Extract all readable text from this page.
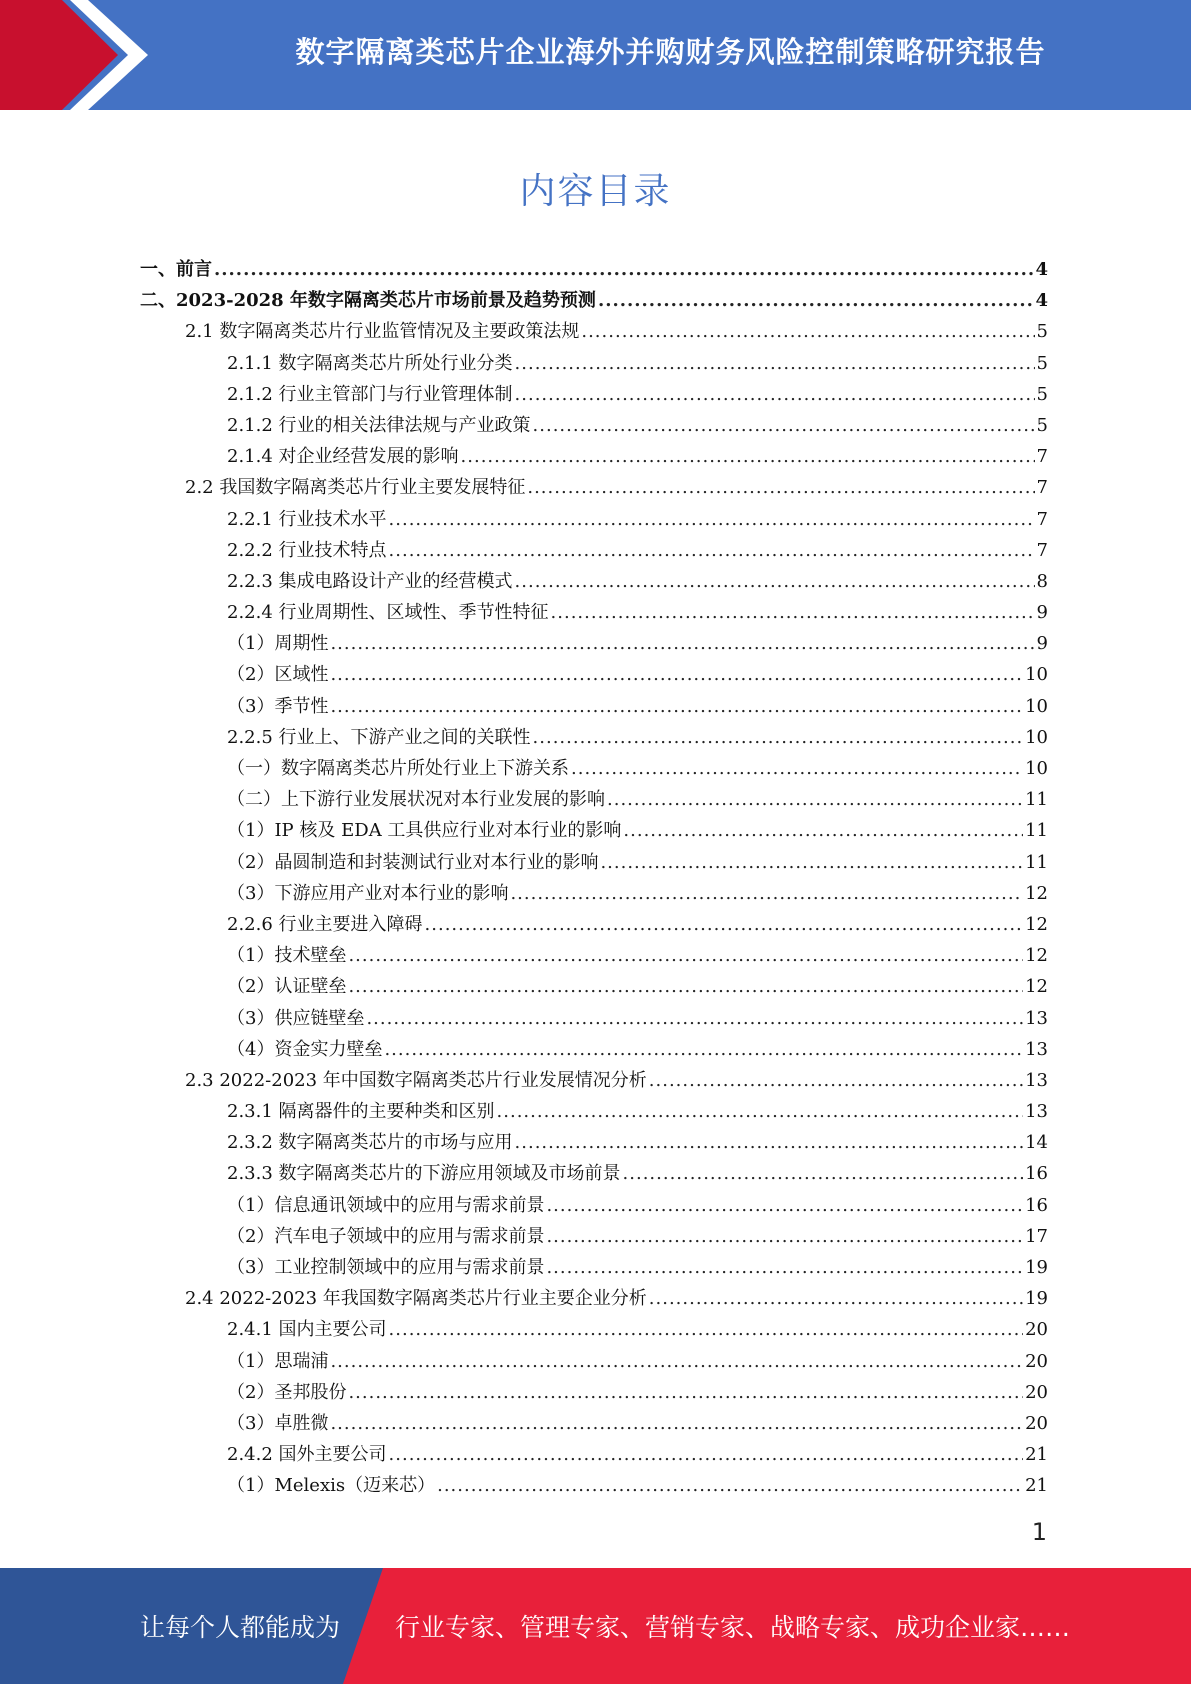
数字隔离类芯片企业海外并购财务风险控制策略研究报告
内容目录
一、前言 .....	4
二、2023-2028 年数字隔离类芯片市场前景及趋势预测 .....	4
2.1 数字隔离类芯片行业监管情况及主要政策法规 .....	5
2.1.1 数字隔离类芯片所处行业分类 .....	5
2.1.2 行业主管部门与行业管理体制 .....	5
2.1.2 行业的相关法律法规与产业政策 .....	5
2.1.4 对企业经营发展的影响 .....	7
2.2 我国数字隔离类芯片行业主要发展特征 .....	7
2.2.1 行业技术水平 .....	7
2.2.2 行业技术特点 .....	7
2.2.3 集成电路设计产业的经营模式 .....	8
2.2.4 行业周期性、区域性、季节性特征 .....	9
（1）周期性 .....	9
（2）区域性 .....	10
（3）季节性 .....	10
2.2.5 行业上、下游产业之间的关联性 .....	10
（一）数字隔离类芯片所处行业上下游关系 .....	10
（二）上下游行业发展状况对本行业发展的影响 .....	11
（1）IP 核及 EDA 工具供应行业对本行业的影响 .....	11
（2）晶圆制造和封装测试行业对本行业的影响 .....	11
（3）下游应用产业对本行业的影响 .....	12
2.2.6 行业主要进入障碍 .....	12
（1）技术壁垒 .....	12
（2）认证壁垒 .....	12
（3）供应链壁垒 .....	13
（4）资金实力壁垒 .....	13
2.3 2022-2023 年中国数字隔离类芯片行业发展情况分析 .....	13
2.3.1 隔离器件的主要种类和区别 .....	13
2.3.2 数字隔离类芯片的市场与应用 .....	14
2.3.3 数字隔离类芯片的下游应用领域及市场前景 .....	16
（1）信息通讯领域中的应用与需求前景 .....	16
（2）汽车电子领域中的应用与需求前景 .....	17
（3）工业控制领域中的应用与需求前景 .....	19
2.4 2022-2023 年我国数字隔离类芯片行业主要企业分析 .....	19
2.4.1 国内主要公司 .....	20
（1）思瑞浦 .....	20
（2）圣邦股份 .....	20
（3）卓胜微 .....	20
2.4.2 国外主要公司 .....	21
（1）Melexis（迈来芯） .....	21
1
让每个人都能成为 行业专家、管理专家、营销专家、战略专家、成功企业家……
